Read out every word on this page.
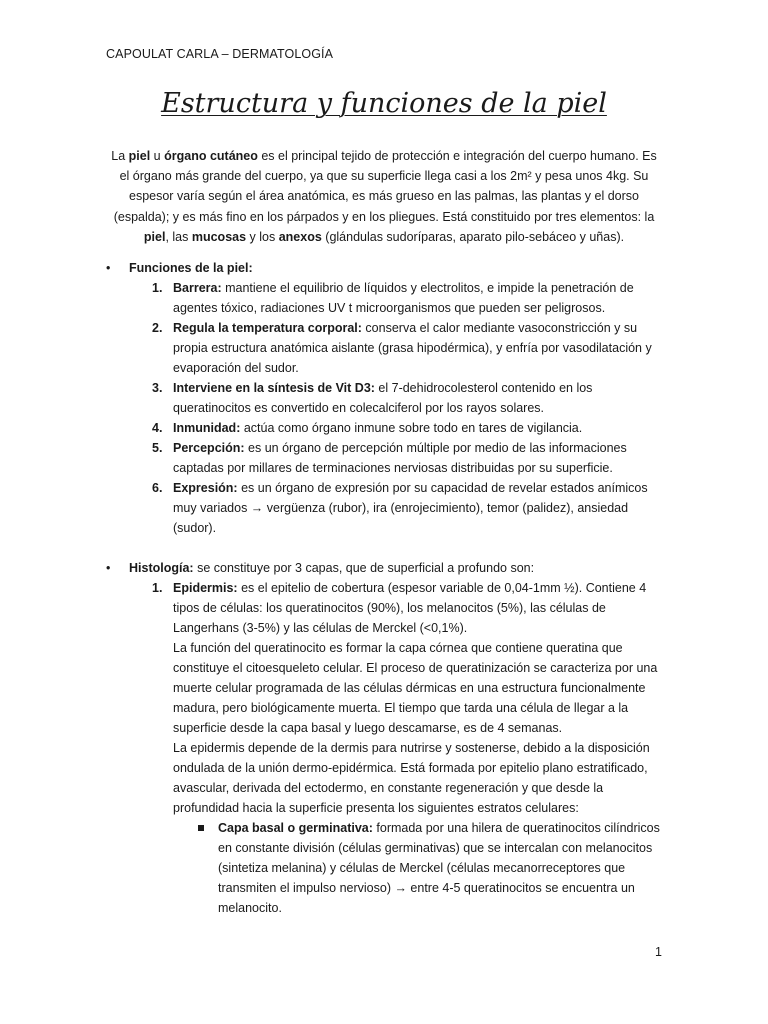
CAPOULAT CARLA – DERMATOLOGÍA
Estructura y funciones de la piel

La piel u órgano cutáneo es el principal tejido de protección e integración del cuerpo humano. Es el órgano más grande del cuerpo, ya que su superficie llega casi a los 2m² y pesa unos 4kg. Su espesor varía según el área anatómica, es más grueso en las palmas, las plantas y el dorso (espalda); y es más fino en los párpados y en los pliegues. Está constituido por tres elementos: la piel, las mucosas y los anexos (glándulas sudoríparas, aparato pilo-sebáceo y uñas).

• Funciones de la piel:
1. Barrera: mantiene el equilibrio de líquidos y electrolitos, e impide la penetración de agentes tóxico, radiaciones UV t microorganismos que pueden ser peligrosos.
2. Regula la temperatura corporal: conserva el calor mediante vasoconstricción y su propia estructura anatómica aislante (grasa hipodérmica), y enfría por vasodilatación y evaporación del sudor.
3. Interviene en la síntesis de Vit D3: el 7-dehidrocolesterol contenido en los queratinocitos es convertido en colecalciferol por los rayos solares.
4. Inmunidad: actúa como órgano inmune sobre todo en tares de vigilancia.
5. Percepción: es un órgano de percepción múltiple por medio de las informaciones captadas por millares de terminaciones nerviosas distribuidas por su superficie.
6. Expresión: es un órgano de expresión por su capacidad de revelar estados anímicos muy variados → vergüenza (rubor), ira (enrojecimiento), temor (palidez), ansiedad (sudor).
• Histología: se constituye por 3 capas, que de superficial a profundo son:
1. Epidermis: es el epitelio de cobertura (espesor variable de 0,04-1mm ½). Contiene 4 tipos de células: los queratinocitos (90%), los melanocitos (5%), las células de Langerhans (3-5%) y las células de Merckel (<0,1%).
La función del queratinocito es formar la capa córnea que contiene queratina que constituye el citoesqueleto celular. El proceso de queratinización se caracteriza por una muerte celular programada de las células dérmicas en una estructura funcionalmente madura, pero biológicamente muerta. El tiempo que tarda una célula de llegar a la superficie desde la capa basal y luego descamarse, es de 4 semanas.
La epidermis depende de la dermis para nutrirse y sostenerse, debido a la disposición ondulada de la unión dermo-epidérmica. Está formada por epitelio plano estratificado, avascular, derivada del ectodermo, en constante regeneración y que desde la profundidad hacia la superficie presenta los siguientes estratos celulares:
Capa basal o germinativa: formada por una hilera de queratinocitos cilíndricos en constante división (células germinativas) que se intercalan con melanocitos (sintetiza melanina) y células de Merckel (células mecanorreceptores que transmiten el impulso nervioso) → entre 4-5 queratinocitos se encuentra un melanocito.
1
